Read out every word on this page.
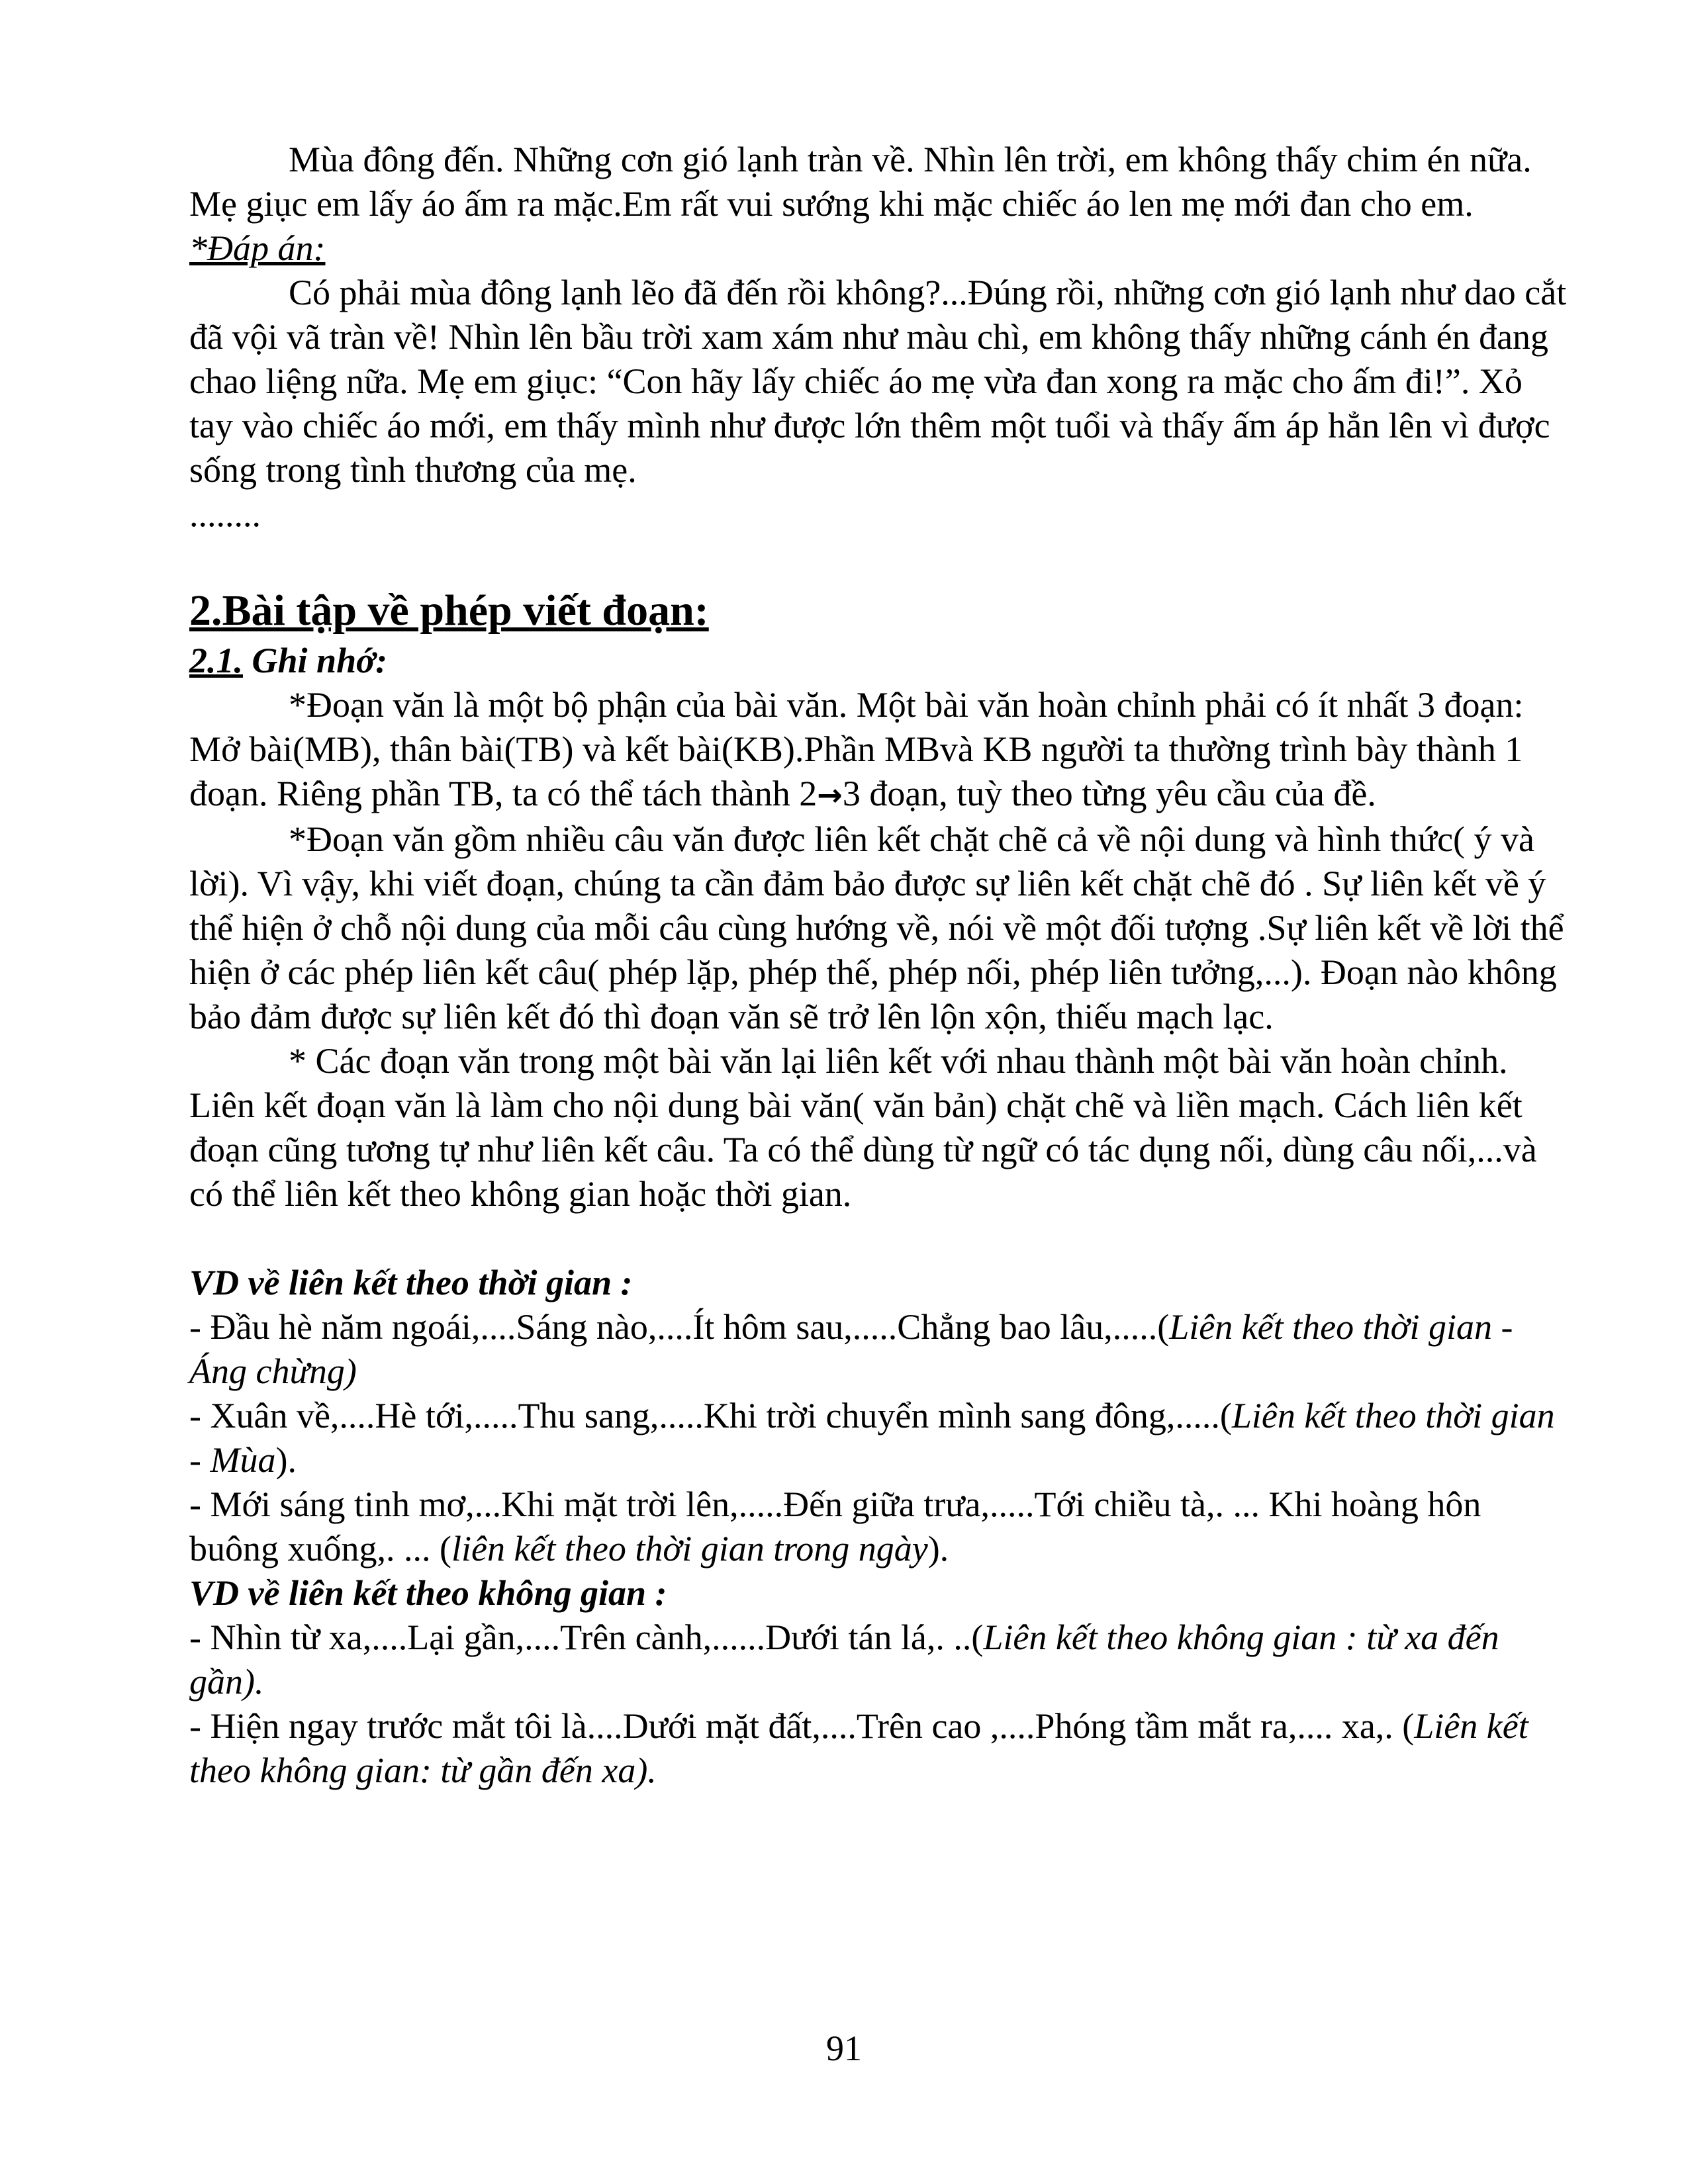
Mùa đông đến. Những cơn gió lạnh tràn về. Nhìn lên trời, em không thấy chim én nữa. Mẹ giục em lấy áo ấm ra mặc.Em rất vui sướng khi mặc chiếc áo len mẹ mới đan cho em.

*Đáp án:

Có phải mùa đông lạnh lẽo đã đến rồi không?...Đúng rồi, những cơn gió lạnh như dao cắt đã vội vã tràn về! Nhìn lên bầu trời xam xám như màu chì, em không thấy những cánh én đang chao liệng nữa. Mẹ em giục: “Con hãy lấy chiếc áo mẹ vừa đan xong ra mặc cho ấm đi!”. Xỏ tay vào chiếc áo mới, em thấy mình như được lớn thêm một tuổi và thấy ấm áp hẳn lên vì được sống trong tình thương của mẹ.

........

2.Bài tập về phép viết đoạn:

2.1. Ghi nhớ:

*Đoạn văn là một bộ phận của bài văn. Một bài văn hoàn chỉnh phải có ít nhất 3 đoạn: Mở bài(MB), thân bài(TB) và kết bài(KB).Phần MBvà KB người ta thường trình bày thành 1 đoạn. Riêng phần TB, ta có thể tách thành 2→3 đoạn, tuỳ theo từng yêu cầu của đề.

*Đoạn văn gồm nhiều câu văn được liên kết chặt chẽ cả về nội dung và hình thức( ý và lời). Vì vậy, khi viết đoạn, chúng ta cần đảm bảo được sự liên kết chặt chẽ đó . Sự liên kết về ý thể hiện ở chỗ nội dung của mỗi câu cùng hướng về, nói về một đối tượng .Sự liên kết về lời thể hiện ở các phép liên kết câu( phép lặp, phép thế, phép nối, phép liên tưởng,...). Đoạn nào không bảo đảm được sự liên kết đó thì đoạn văn sẽ trở lên lộn xộn, thiếu mạch lạc.

* Các đoạn văn trong một bài văn lại liên kết với nhau thành một bài văn hoàn chỉnh. Liên kết đoạn văn là làm cho nội dung bài văn( văn bản) chặt chẽ và liền mạch. Cách liên kết đoạn cũng tương tự như liên kết câu. Ta có thể dùng từ ngữ có tác dụng nối, dùng câu nối,...và có thể liên kết theo không gian hoặc thời gian.

VD về liên kết theo thời gian :

- Đầu hè năm ngoái,....Sáng nào,....Ít hôm sau,.....Chẳng bao lâu,.....(Liên kết theo thời gian - Áng chừng)

- Xuân về,....Hè tới,.....Thu sang,.....Khi trời chuyển mình sang đông,.....(Liên kết theo thời gian - Mùa).

- Mới sáng tinh mơ,...Khi mặt trời lên,.....Đến giữa trưa,.....Tới chiều tà,. ... Khi hoàng hôn buông xuống,. ... (liên kết theo thời gian trong ngày).

VD về liên kết theo không gian :

- Nhìn từ xa,....Lại gần,....Trên cành,......Dưới tán lá,. ..(Liên kết theo không gian : từ xa đến gần).

- Hiện ngay trước mắt tôi là....Dưới mặt đất,....Trên cao ,....Phóng tầm mắt ra,.... xa,. (Liên kết theo không gian: từ gần đến xa).

91
